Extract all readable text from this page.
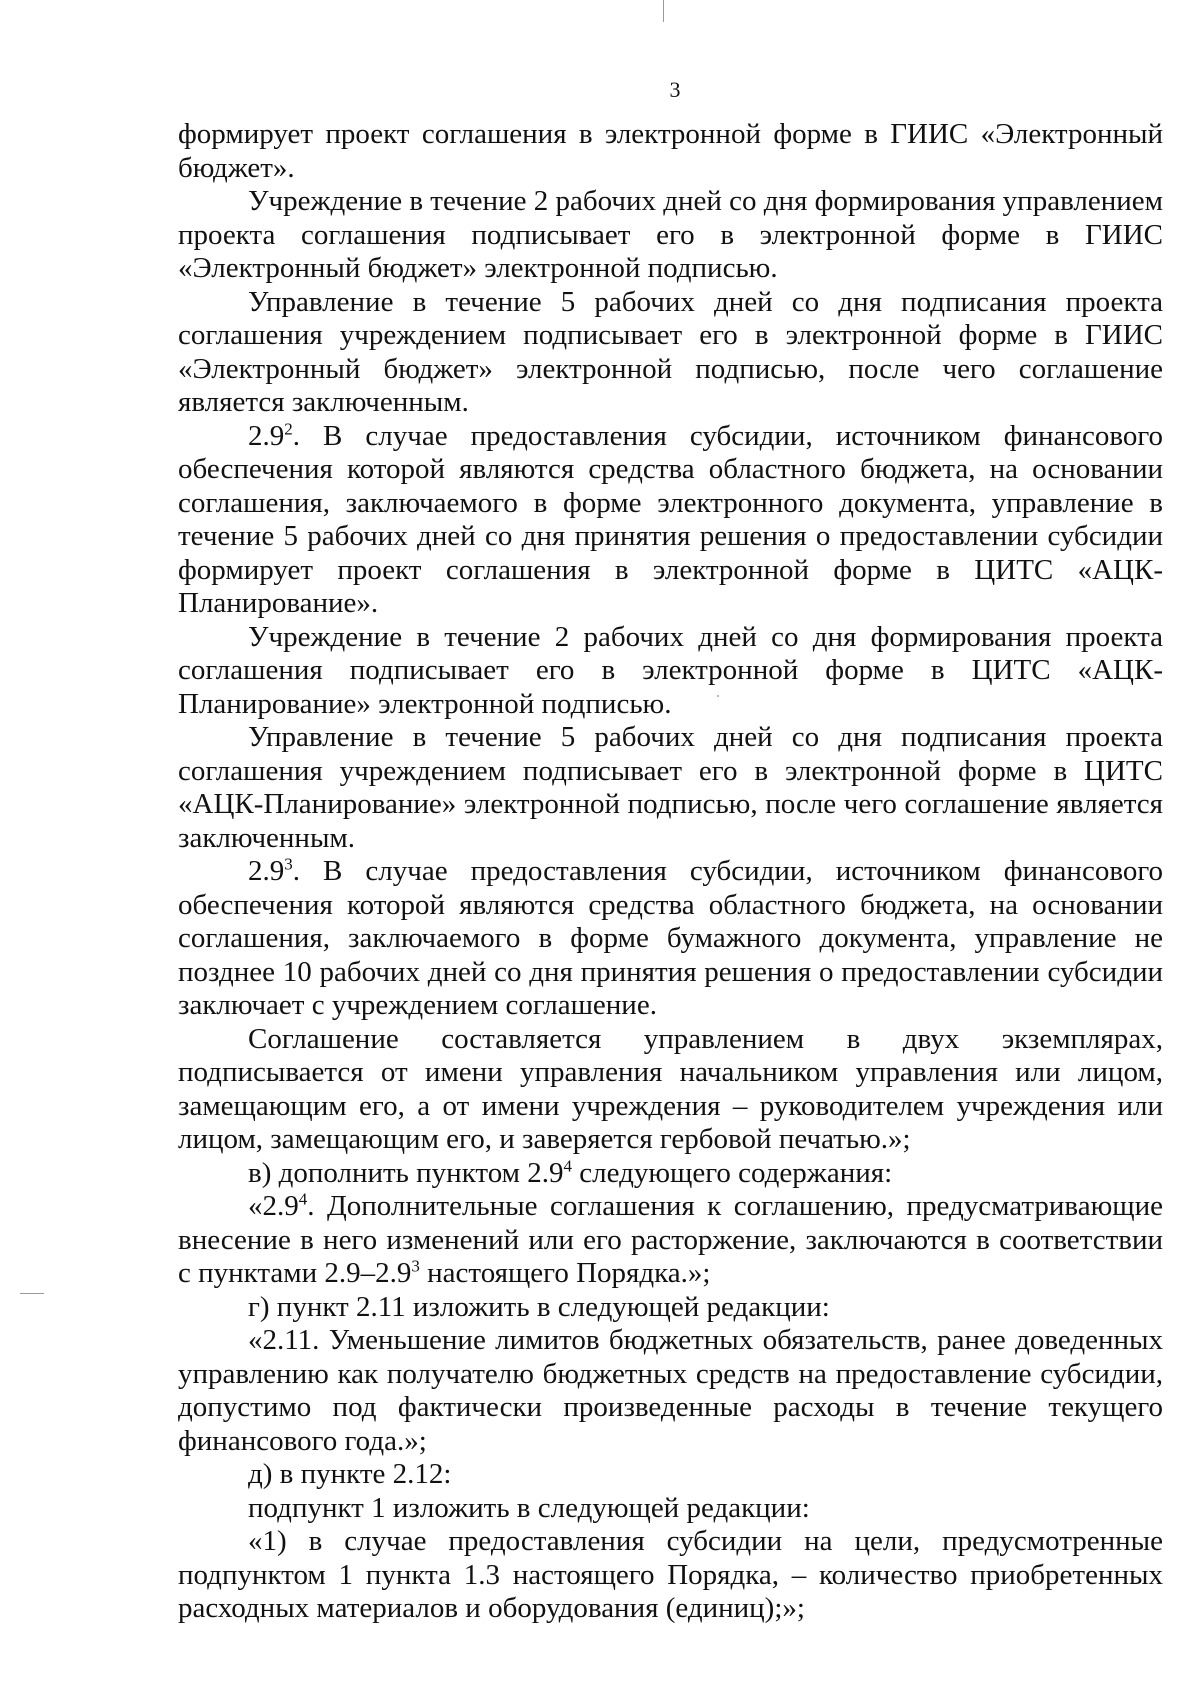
3

формирует проект соглашения в электронной форме в ГИИС «Электронный бюджет».

Учреждение в течение 2 рабочих дней со дня формирования управлением проекта соглашения подписывает его в электронной форме в ГИИС «Электронный бюджет» электронной подписью.

Управление в течение 5 рабочих дней со дня подписания проекта соглашения учреждением подписывает его в электронной форме в ГИИС «Электронный бюджет» электронной подписью, после чего соглашение является заключенным.

$2.9^2$. В случае предоставления субсидии, источником финансового обеспечения которой являются средства областного бюджета, на основании соглашения, заключаемого в форме электронного документа, управление в течение 5 рабочих дней со дня принятия решения о предоставлении субсидии формирует проект соглашения в электронной форме в ЦИТС «АЦК-Планирование».

Учреждение в течение 2 рабочих дней со дня формирования проекта соглашения подписывает его в электронной форме в ЦИТС «АЦК-Планирование» электронной подписью.

Управление в течение 5 рабочих дней со дня подписания проекта соглашения учреждением подписывает его в электронной форме в ЦИТС «АЦК-Планирование» электронной подписью, после чего соглашение является заключенным.

$2.9^3$. В случае предоставления субсидии, источником финансового обеспечения которой являются средства областного бюджета, на основании соглашения, заключаемого в форме бумажного документа, управление не позднее 10 рабочих дней со дня принятия решения о предоставлении субсидии заключает с учреждением соглашение.

Соглашение составляется управлением в двух экземплярах, подписывается от имени управления начальником управления или лицом, замещающим его, а от имени учреждения – руководителем учреждения или лицом, замещающим его, и заверяется гербовой печатью.»;

в) дополнить пунктом $2.9^4$ следующего содержания:

«$2.9^4$. Дополнительные соглашения к соглашению, предусматривающие внесение в него изменений или его расторжение, заключаются в соответствии с пунктами $2.9-2.9^3$ настоящего Порядка.»;

г) пункт 2.11 изложить в следующей редакции:

«2.11. Уменьшение лимитов бюджетных обязательств, ранее доведенных управлению как получателю бюджетных средств на предоставление субсидии, допустимо под фактически произведенные расходы в течение текущего финансового года.»;

д) в пункте 2.12:

подпункт 1 изложить в следующей редакции:

«1) в случае предоставления субсидии на цели, предусмотренные подпунктом 1 пункта 1.3 настоящего Порядка, – количество приобретенных расходных материалов и оборудования (единиц);»;
